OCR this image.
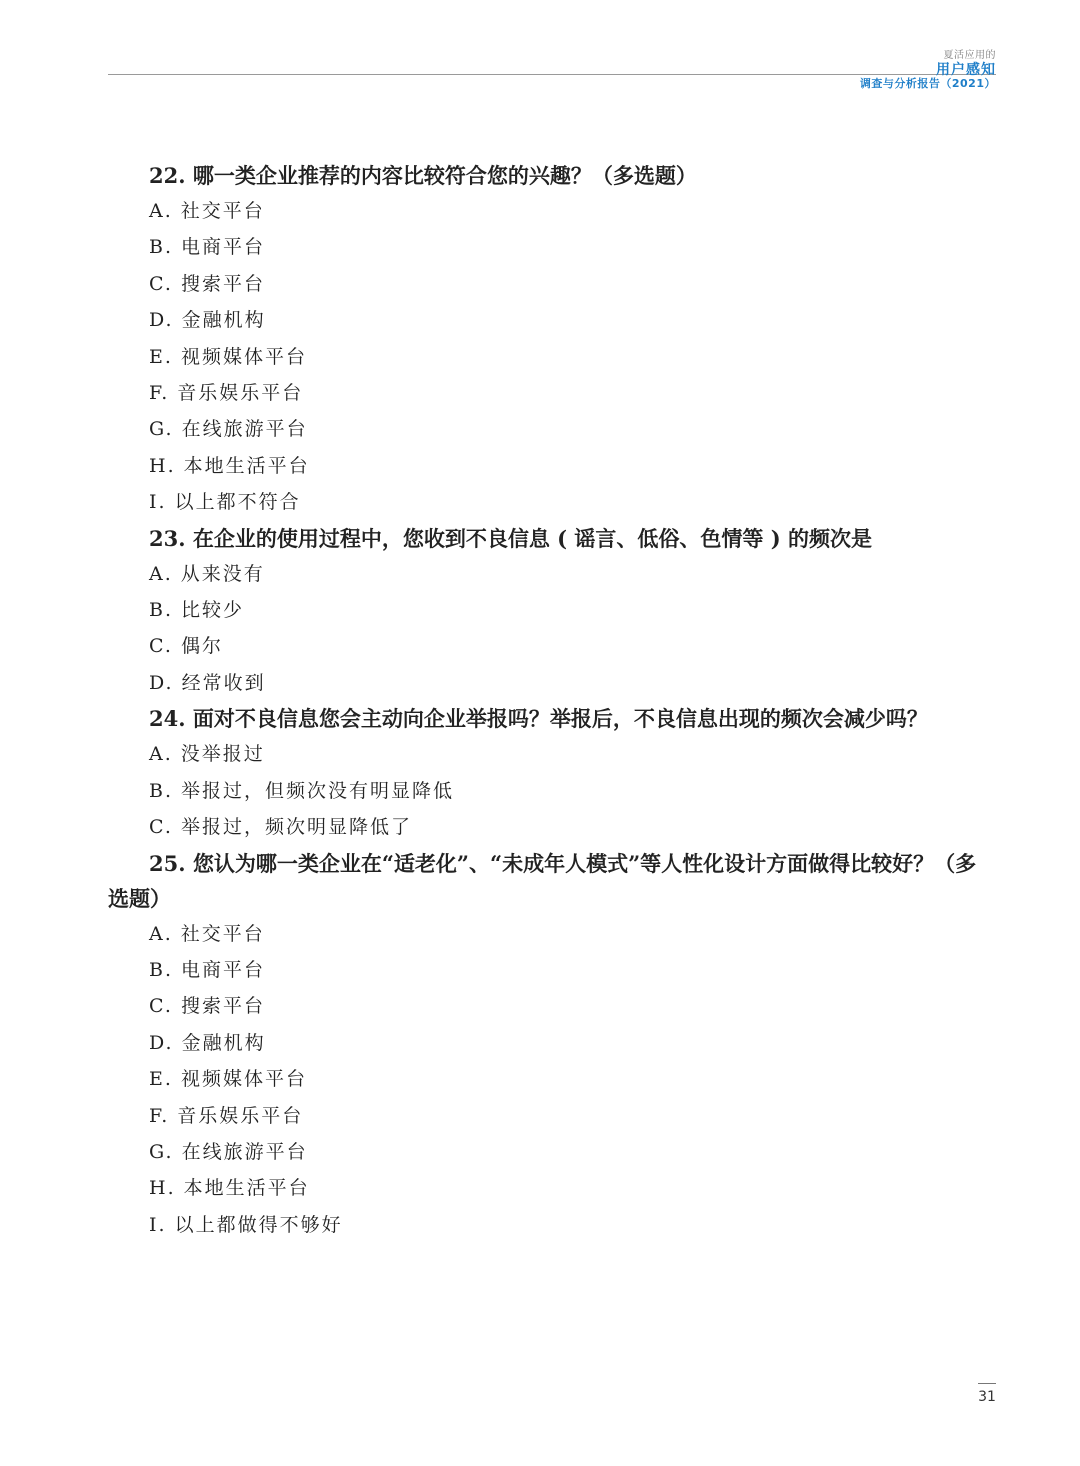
夏活应用的
用户感知
调查与分析报告（2021）
22. 哪一类企业推荐的内容比较符合您的兴趣？（多选题）
A. 社交平台
B. 电商平台
C. 搜索平台
D. 金融机构
E. 视频媒体平台
F. 音乐娱乐平台
G. 在线旅游平台
H. 本地生活平台
I. 以上都不符合
23. 在企业的使用过程中，您收到不良信息 ( 谣言、低俗、色情等 ) 的频次是
A. 从来没有
B. 比较少
C. 偶尔
D. 经常收到
24. 面对不良信息您会主动向企业举报吗？举报后，不良信息出现的频次会减少吗？
A. 没举报过
B. 举报过，但频次没有明显降低
C. 举报过，频次明显降低了
25. 您认为哪一类企业在“适老化”、“未成年人模式”等人性化设计方面做得比较好？（多
选题）
A. 社交平台
B. 电商平台
C. 搜索平台
D. 金融机构
E. 视频媒体平台
F. 音乐娱乐平台
G. 在线旅游平台
H. 本地生活平台
I. 以上都做得不够好
31
